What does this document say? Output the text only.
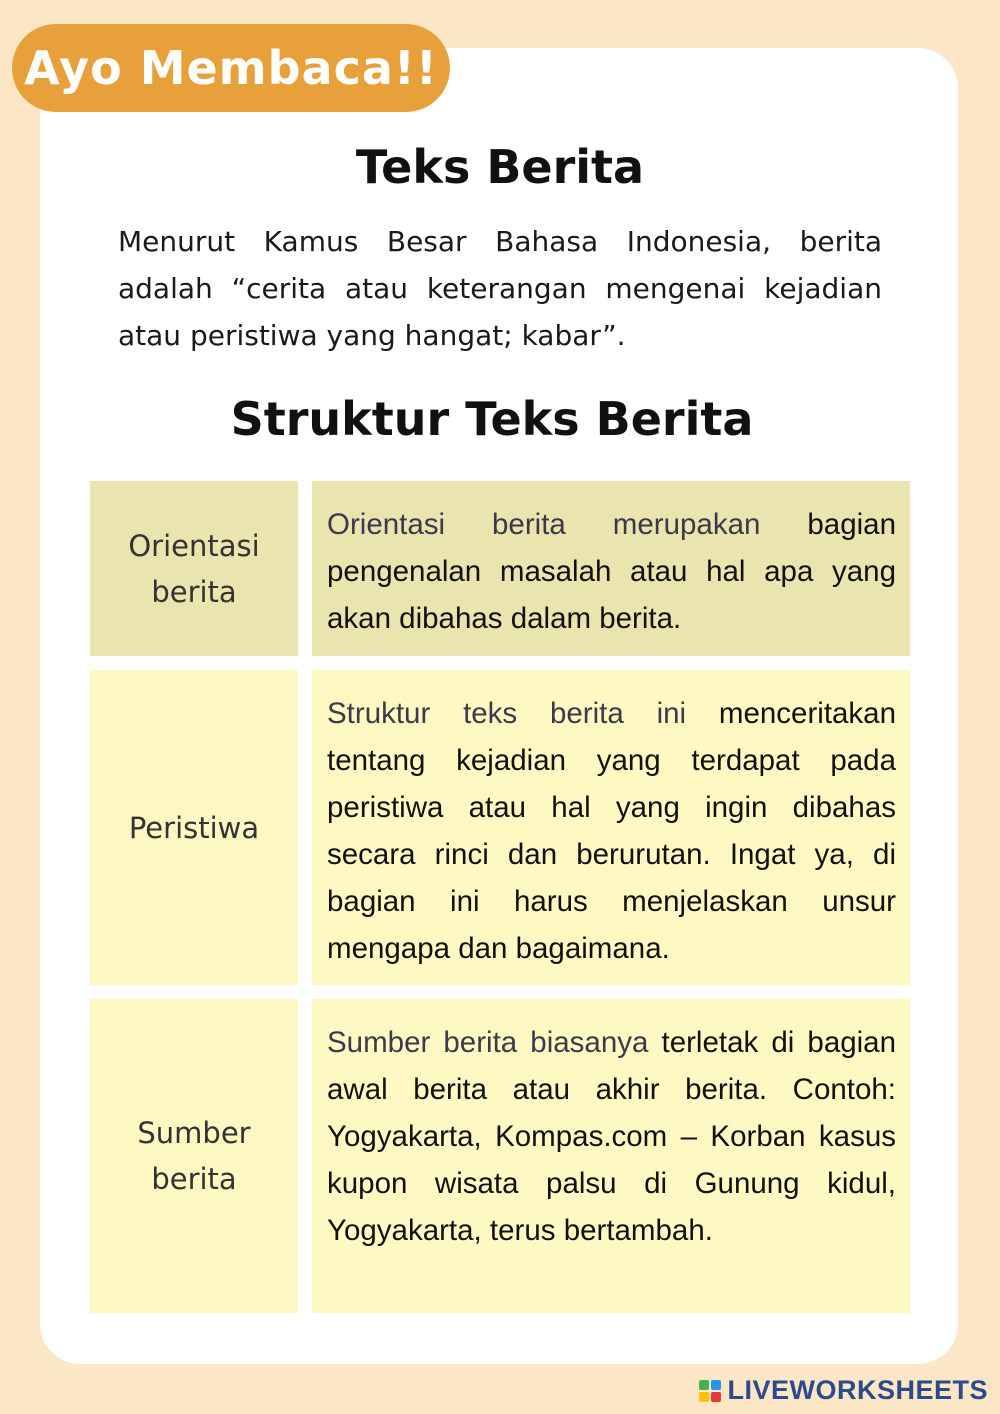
Ayo Membaca!!
Teks Berita

Menurut Kamus Besar Bahasa Indonesia, berita adalah “cerita atau keterangan mengenai kejadian atau peristiwa yang hangat; kabar”.

Struktur Teks Berita
Orientasi berita
Orientasi berita merupakan bagian pengenalan masalah atau hal apa yang akan dibahas dalam berita.
Peristiwa
Struktur teks berita ini menceritakan tentang kejadian yang terdapat pada peristiwa atau hal yang ingin dibahas secara rinci dan berurutan. Ingat ya, di bagian ini harus menjelaskan unsur mengapa dan bagaimana.
Sumber berita
Sumber berita biasanya terletak di bagian awal berita atau akhir berita. Contoh: Yogyakarta, Kompas.com – Korban kasus kupon wisata palsu di Gunung kidul, Yogyakarta, terus bertambah.
LIVEWORKSHEETS
